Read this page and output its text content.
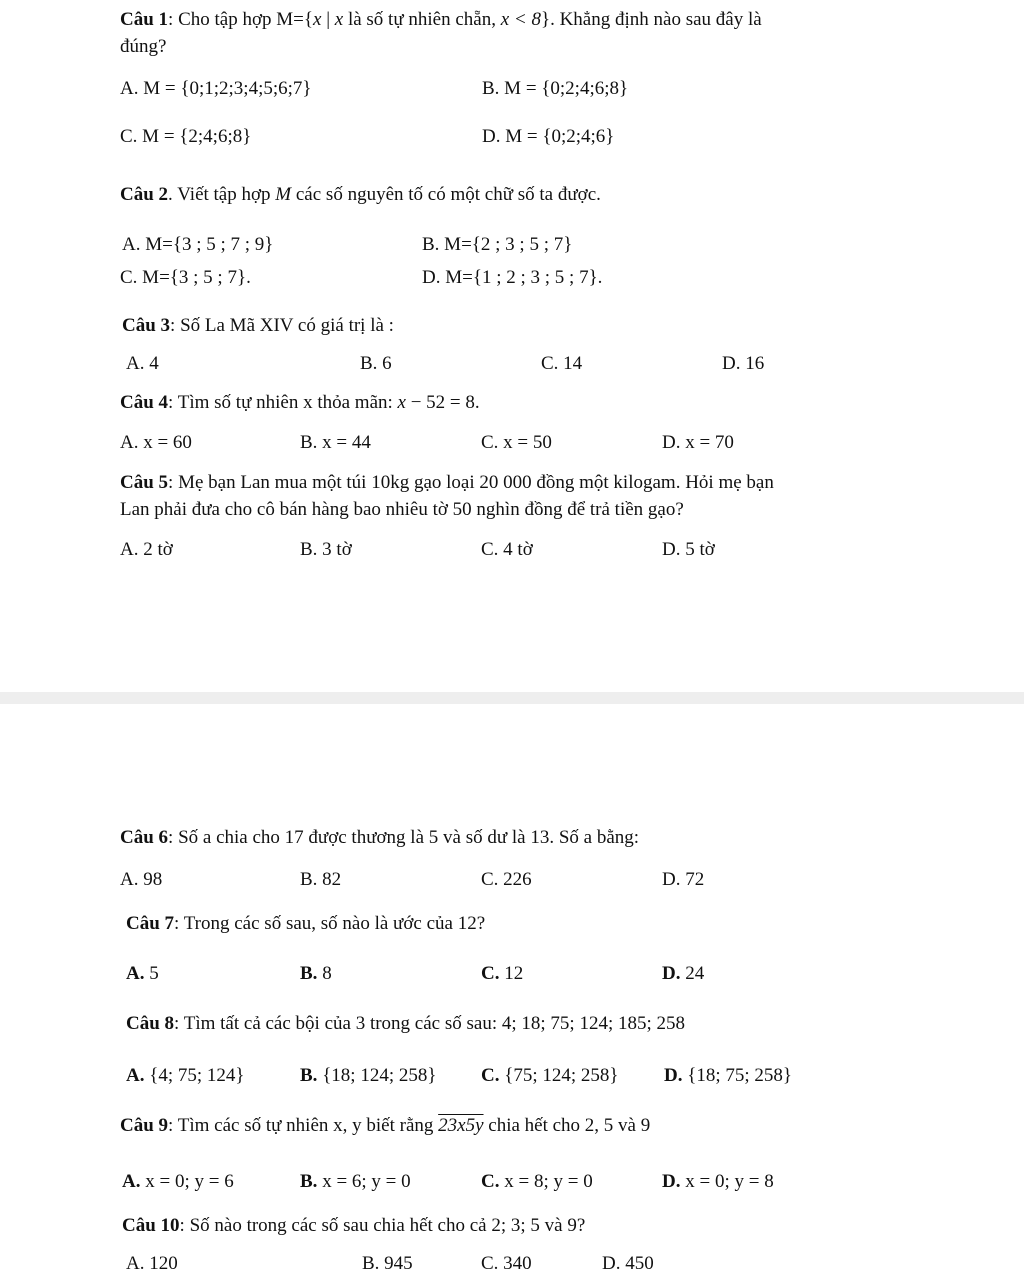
Câu 1: Cho tập hợp M={x | x là số tự nhiên chẵn, x < 8}. Khẳng định nào sau đây là
đúng?
A. M = {0;1;2;3;4;5;6;7}	B. M = {0;2;4;6;8}
C. M = {2;4;6;8}	D. M = {0;2;4;6}
Câu 2. Viết tập hợp M các số nguyên tố có một chữ số ta được.
A. M={3 ; 5 ; 7 ; 9}	B. M={2 ; 3 ; 5 ; 7}
C. M={3 ; 5 ; 7}.	D. M={1 ; 2 ; 3 ; 5 ; 7}.
Câu 3: Số La Mã XIV có giá trị là :
A. 4	B. 6	C. 14	D. 16
Câu 4: Tìm số tự nhiên x thỏa mãn: x − 52 = 8.
A. x = 60	B. x = 44	C. x = 50	D. x = 70
Câu 5: Mẹ bạn Lan mua một túi 10kg gạo loại 20 000 đồng một kilogam. Hỏi mẹ bạn
Lan phải đưa cho cô bán hàng bao nhiêu tờ 50 nghìn đồng để trả tiền gạo?
A. 2 tờ	B. 3 tờ	C. 4 tờ	D. 5 tờ
Câu 6: Số a chia cho 17 được thương là 5 và số dư là 13. Số a bằng:
A. 98	B. 82	C. 226	D. 72
Câu 7: Trong các số sau, số nào là ước của 12?
A. 5	B. 8	C. 12	D. 24
Câu 8: Tìm tất cả các bội của 3 trong các số sau: 4; 18; 75; 124; 185; 258
A. {4; 75; 124}	B. {18; 124; 258} C. {75; 124; 258} D. {18; 75; 258}
Câu 9: Tìm các số tự nhiên x, y biết rằng 23x5y chia hết cho 2, 5 và 9
A. x = 0; y = 6	B. x = 6; y = 0	C. x = 8; y = 0	D. x = 0; y = 8
Câu 10: Số nào trong các số sau chia hết cho cả 2; 3; 5 và 9?
A. 120	B. 945	C. 340	D. 450
